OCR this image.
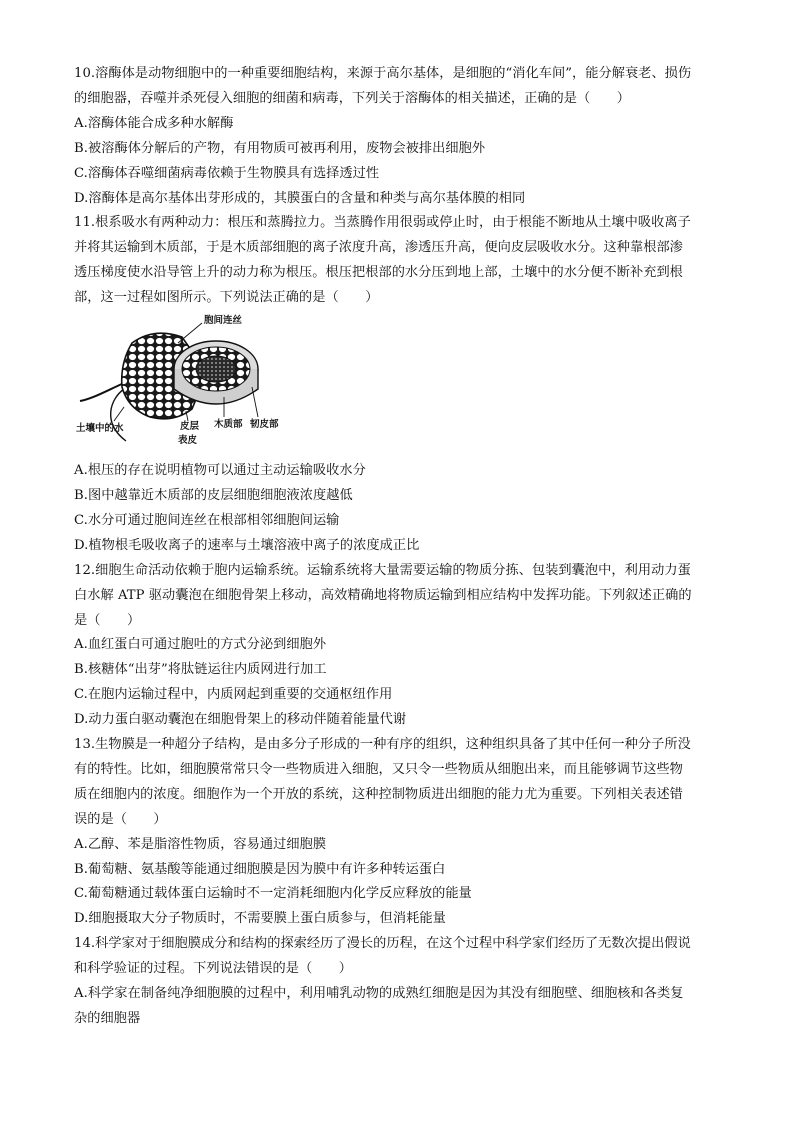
10.溶酶体是动物细胞中的一种重要细胞结构，来源于高尔基体，是细胞的“消化车间”，能分解衰老、损伤
的细胞器，吞噬并杀死侵入细胞的细菌和病毒，下列关于溶酶体的相关描述，正确的是（　　）
A.溶酶体能合成多种水解酶
B.被溶酶体分解后的产物，有用物质可被再利用，废物会被排出细胞外
C.溶酶体吞噬细菌病毒依赖于生物膜具有选择透过性
D.溶酶体是高尔基体出芽形成的，其膜蛋白的含量和种类与高尔基体膜的相同
11.根系吸水有两种动力：根压和蒸腾拉力。当蒸腾作用很弱或停止时，由于根能不断地从土壤中吸收离子
并将其运输到木质部，于是木质部细胞的离子浓度升高，渗透压升高，便向皮层吸收水分。这种靠根部渗
透压梯度使水沿导管上升的动力称为根压。根压把根部的水分压到地上部，土壤中的水分便不断补充到根
部，这一过程如图所示。下列说法正确的是（　　）
胞间连丝
土壤中的水	皮层 木质部 韧皮部
表皮
A.根压的存在说明植物可以通过主动运输吸收水分
B.图中越靠近木质部的皮层细胞细胞液浓度越低
C.水分可通过胞间连丝在根部相邻细胞间运输
D.植物根毛吸收离子的速率与土壤溶液中离子的浓度成正比
12.细胞生命活动依赖于胞内运输系统。运输系统将大量需要运输的物质分拣、包装到囊泡中，利用动力蛋
白水解 ATP 驱动囊泡在细胞骨架上移动，高效精确地将物质运输到相应结构中发挥功能。下列叙述正确的
是（　　）
A.血红蛋白可通过胞吐的方式分泌到细胞外
B.核糖体“出芽”将肽链运往内质网进行加工
C.在胞内运输过程中，内质网起到重要的交通枢纽作用
D.动力蛋白驱动囊泡在细胞骨架上的移动伴随着能量代谢
13.生物膜是一种超分子结构，是由多分子形成的一种有序的组织，这种组织具备了其中任何一种分子所没
有的特性。比如，细胞膜常常只令一些物质进入细胞，又只令一些物质从细胞出来，而且能够调节这些物
质在细胞内的浓度。细胞作为一个开放的系统，这种控制物质进出细胞的能力尤为重要。下列相关表述错
误的是（　　）
A.乙醇、苯是脂溶性物质，容易通过细胞膜
B.葡萄糖、氨基酸等能通过细胞膜是因为膜中有许多种转运蛋白
C.葡萄糖通过载体蛋白运输时不一定消耗细胞内化学反应释放的能量
D.细胞摄取大分子物质时，不需要膜上蛋白质参与，但消耗能量
14.科学家对于细胞膜成分和结构的探索经历了漫长的历程，在这个过程中科学家们经历了无数次提出假说
和科学验证的过程。下列说法错误的是（　　）
A.科学家在制备纯净细胞膜的过程中，利用哺乳动物的成熟红细胞是因为其没有细胞壁、细胞核和各类复
杂的细胞器
